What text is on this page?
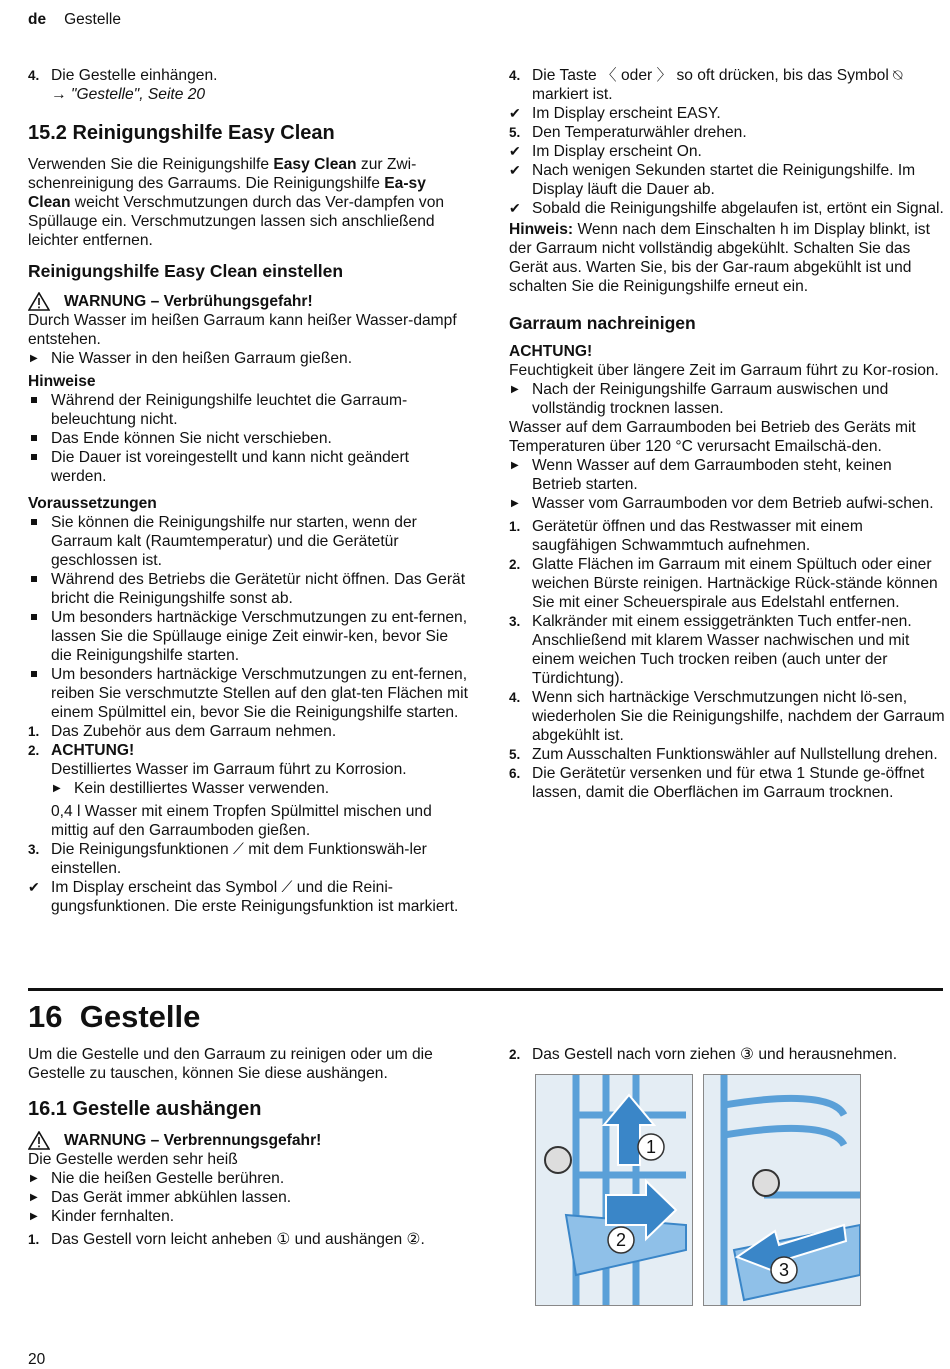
de Gestelle
4. Die Gestelle einhängen.
→ "Gestelle", Seite 20
15.2 Reinigungshilfe Easy Clean

Verwenden Sie die Reinigungshilfe Easy Clean zur Zwi-schenreinigung des Garraums. Die Reinigungshilfe Ea-sy Clean weicht Verschmutzungen durch das Ver-dampfen von Spüllauge ein. Verschmutzungen lassen sich anschließend leichter entfernen.

Reinigungshilfe Easy Clean einstellen
WARNUNG – Verbrühungsgefahr!

Durch Wasser im heißen Garraum kann heißer Wasser-dampf entstehen.

▶ Nie Wasser in den heißen Garraum gießen.
Hinweise
Während der Reinigungshilfe leuchtet die Garraum-beleuchtung nicht.
Das Ende können Sie nicht verschieben.
Die Dauer ist voreingestellt und kann nicht geändert werden.
Voraussetzungen
Sie können die Reinigungshilfe nur starten, wenn der Garraum kalt (Raumtemperatur) und die Gerätetür geschlossen ist.
Während des Betriebs die Gerätetür nicht öffnen. Das Gerät bricht die Reinigungshilfe sonst ab.
Um besonders hartnäckige Verschmutzungen zu ent-fernen, lassen Sie die Spüllauge einige Zeit einwir-ken, bevor Sie die Reinigungshilfe starten.
Um besonders hartnäckige Verschmutzungen zu ent-fernen, reiben Sie verschmutzte Stellen auf den glat-ten Flächen mit einem Spülmittel ein, bevor Sie die Reinigungshilfe starten.
1. Das Zubehör aus dem Garraum nehmen.
2. ACHTUNG!
Destilliertes Wasser im Garraum führt zu Korrosion.
▶ Kein destilliertes Wasser verwenden.

0,4 l Wasser mit einem Tropfen Spülmittel mischen und mittig auf den Garraumboden gießen.

3. Die Reinigungsfunktionen ⟋ mit dem Funktionswäh-ler einstellen.
✔ Im Display erscheint das Symbol ⟋ und die Reini-gungsfunktionen. Die erste Reinigungsfunktion ist markiert.
4. Die Taste 〈 oder 〉 so oft drücken, bis das Symbol ⍉ markiert ist.
✔ Im Display erscheint EASY.
5. Den Temperaturwähler drehen.
✔ Im Display erscheint On.
✔ Nach wenigen Sekunden startet die Reinigungshilfe. Im Display läuft die Dauer ab.
✔ Sobald die Reinigungshilfe abgelaufen ist, ertönt ein Signal.

Hinweis: Wenn nach dem Einschalten h im Display blinkt, ist der Garraum nicht vollständig abgekühlt. Schalten Sie das Gerät aus. Warten Sie, bis der Gar-raum abgekühlt ist und schalten Sie die Reinigungshilfe erneut ein.

Garraum nachreinigen
ACHTUNG!

Feuchtigkeit über längere Zeit im Garraum führt zu Kor-rosion.

▶ Nach der Reinigungshilfe Garraum auswischen und vollständig trocknen lassen.

Wasser auf dem Garraumboden bei Betrieb des Geräts mit Temperaturen über 120 °C verursacht Emailschä-den.

▶ Wenn Wasser auf dem Garraumboden steht, keinen Betrieb starten.
▶ Wasser vom Garraumboden vor dem Betrieb aufwi-schen.
1. Gerätetür öffnen und das Restwasser mit einem saugfähigen Schwammtuch aufnehmen.
2. Glatte Flächen im Garraum mit einem Spültuch oder einer weichen Bürste reinigen. Hartnäckige Rück-stände können Sie mit einer Scheuerspirale aus Edelstahl entfernen.
3. Kalkränder mit einem essiggetränkten Tuch entfer-nen. Anschließend mit klarem Wasser nachwischen und mit einem weichen Tuch trocken reiben (auch unter der Türdichtung).
4. Wenn sich hartnäckige Verschmutzungen nicht lö-sen, wiederholen Sie die Reinigungshilfe, nachdem der Garraum abgekühlt ist.
5. Zum Ausschalten Funktionswähler auf Nullstellung drehen.
6. Die Gerätetür versenken und für etwa 1 Stunde ge-öffnet lassen, damit die Oberflächen im Garraum trocknen.
16 Gestelle

Um die Gestelle und den Garraum zu reinigen oder um die Gestelle zu tauschen, können Sie diese aushängen.

16.1 Gestelle aushängen
WARNUNG – Verbrennungsgefahr!

Die Gestelle werden sehr heiß

▶ Nie die heißen Gestelle berühren.
▶ Das Gerät immer abkühlen lassen.
▶ Kinder fernhalten.
1. Das Gestell vorn leicht anheben ① und aushängen ②.
2. Das Gestell nach vorn ziehen ③ und herausnehmen.
1
2
3
20
